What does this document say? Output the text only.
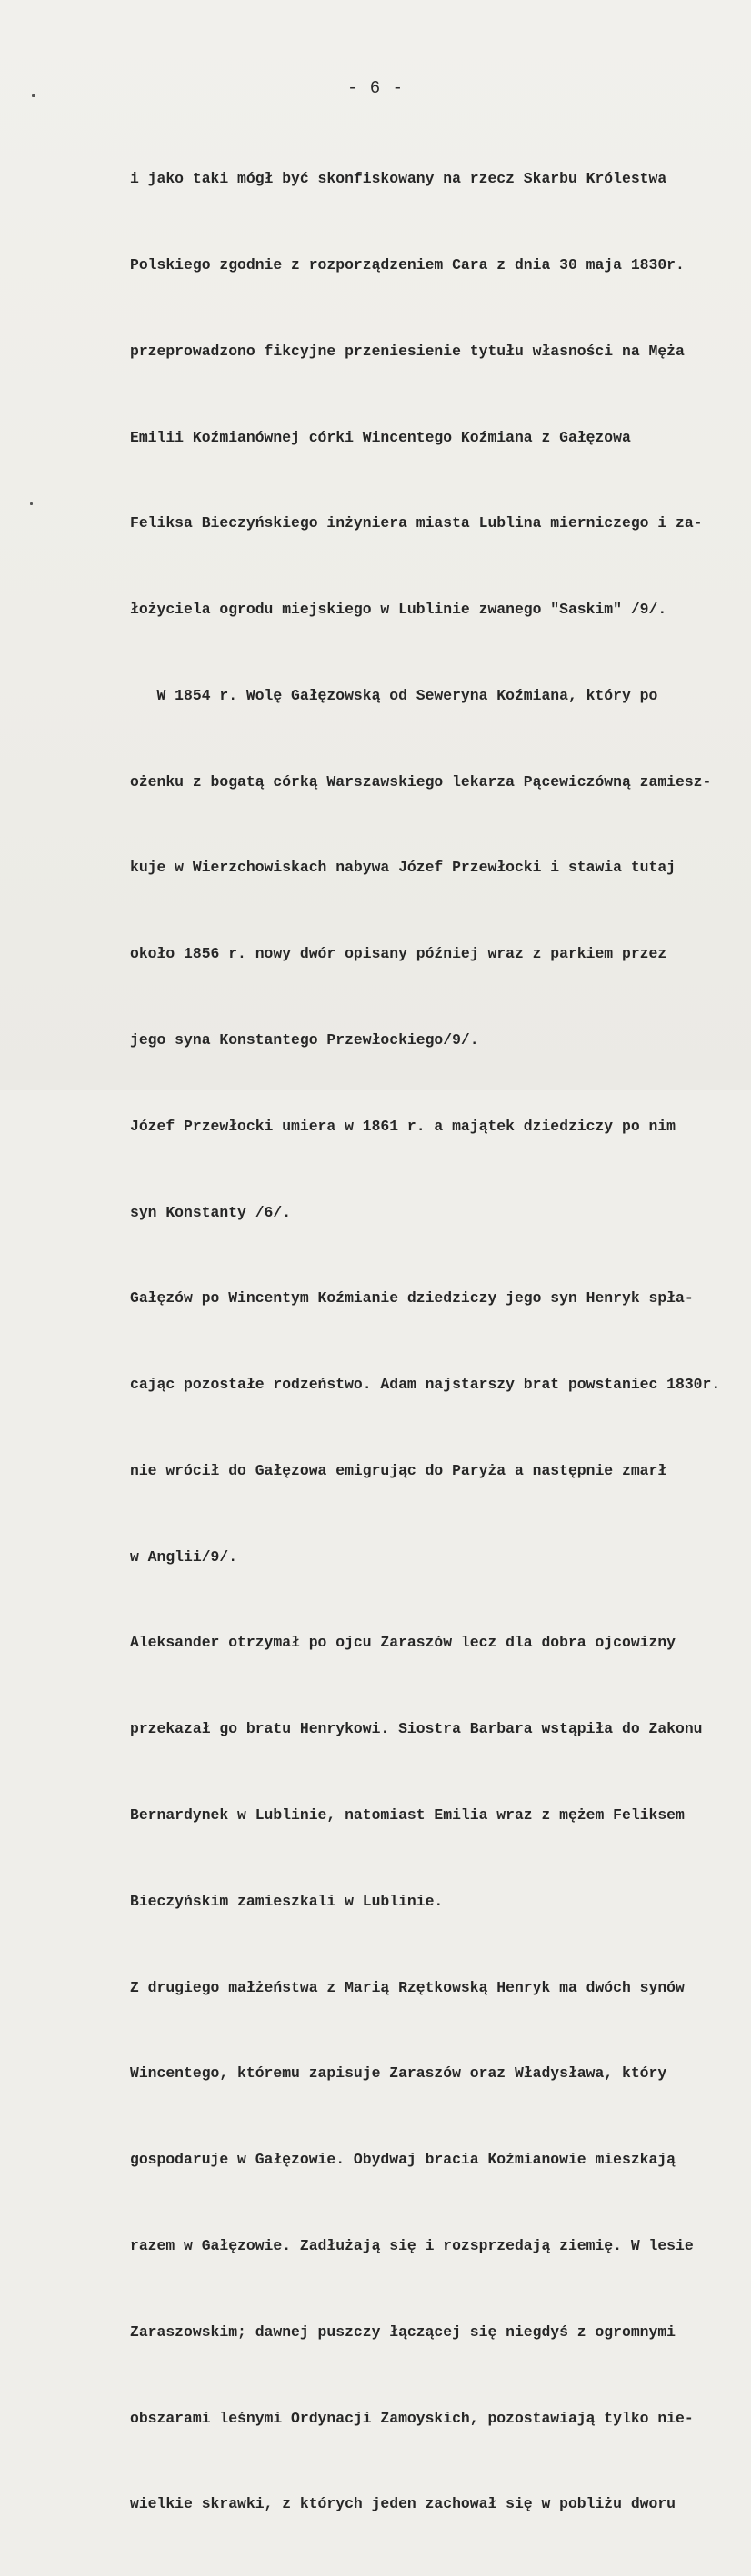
- 6 -

i jako taki mógł być skonfiskowany na rzecz Skarbu Królestwa

Polskiego zgodnie z rozporządzeniem Cara z dnia 30 maja 1830r.

przeprowadzono fikcyjne przeniesienie tytułu własności na Męża

Emilii Koźmianównej córki Wincentego Koźmiana z Gałęzowa

Feliksa Bieczyńskiego inżyniera miasta Lublina mierniczego i za-

łożyciela ogrodu miejskiego w Lublinie zwanego "Saskim" /9/.

W 1854 r. Wolę Gałęzowską od Seweryna Koźmiana, który po

ożenku z bogatą córką Warszawskiego lekarza Pącewiczówną zamiesz-

kuje w Wierzchowiskach nabywa Józef Przewłocki i stawia tutaj

około 1856 r. nowy dwór opisany później wraz z parkiem przez

jego syna Konstantego Przewłockiego/9/.

Józef Przewłocki umiera w 1861 r. a majątek dziedziczy po nim

syn Konstanty /6/.

Gałęzów po Wincentym Koźmianie dziedziczy jego syn Henryk spła-

cając pozostałe rodzeństwo. Adam najstarszy brat powstaniec 1830r.

nie wrócił do Gałęzowa emigrując do Paryża a następnie zmarł

w Anglii/9/.

Aleksander otrzymał po ojcu Zaraszów lecz dla dobra ojcowizny

przekazał go bratu Henrykowi. Siostra Barbara wstąpiła do Zakonu

Bernardynek w Lublinie, natomiast Emilia wraz z mężem Feliksem

Bieczyńskim zamieszkali w Lublinie.

Z drugiego małżeństwa z Marią Rzętkowską Henryk ma dwóch synów

Wincentego, któremu zapisuje Zaraszów oraz Władysława, który

gospodaruje w Gałęzowie. Obydwaj bracia Koźmianowie mieszkają

razem w Gałęzowie. Zadłużają się i rozsprzedają ziemię. W lesie

Zaraszowskim; dawnej puszczy łączącej się niegdyś z ogromnymi

obszarami leśnymi Ordynacji Zamoyskich, pozostawiają tylko nie-

wielkie skrawki, z których jeden zachował się w pobliżu dworu
